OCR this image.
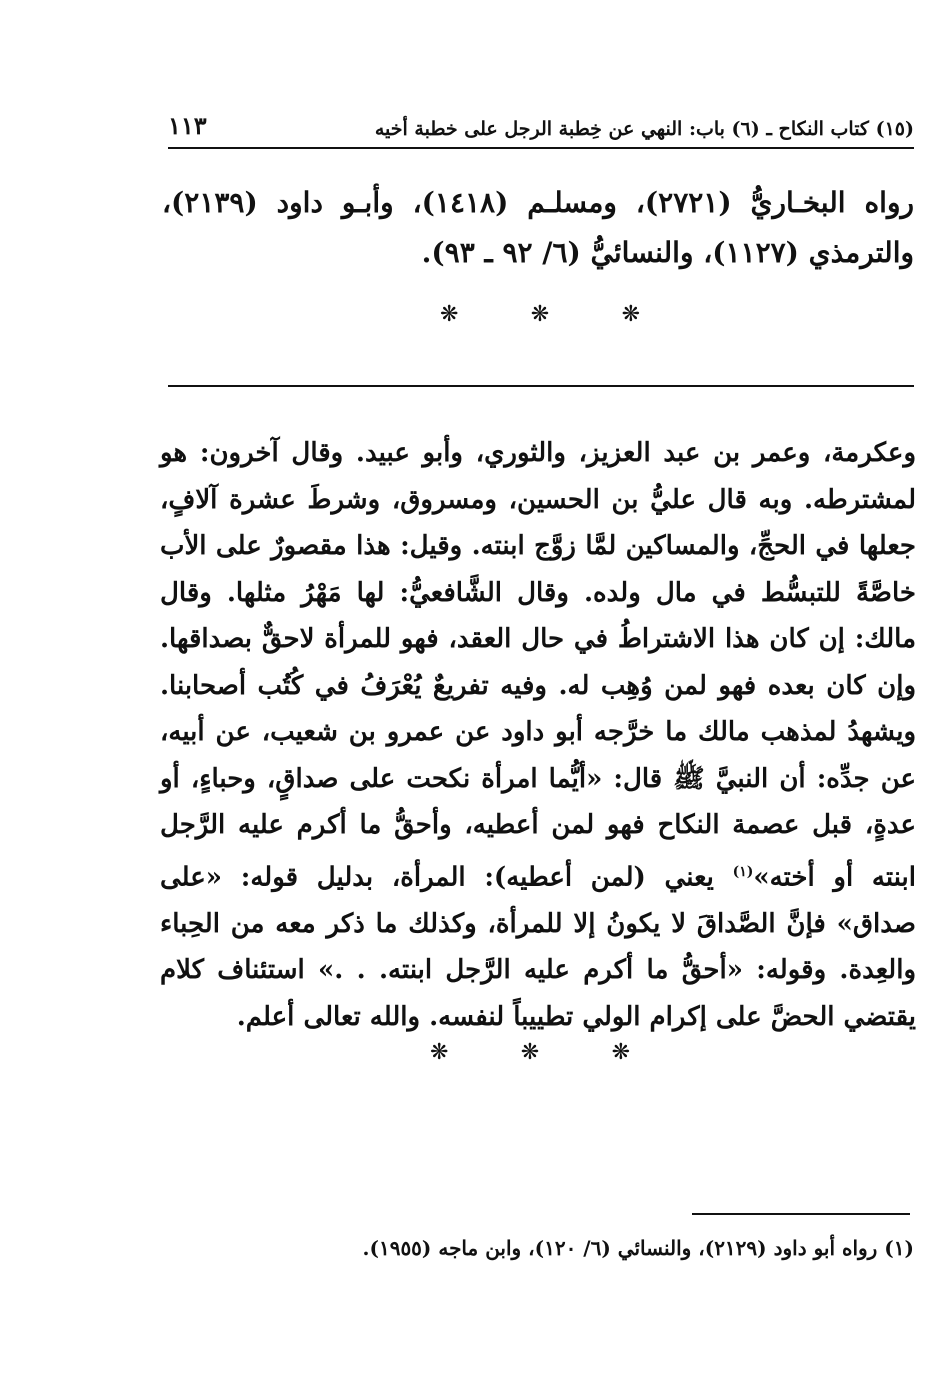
(١٥) كتاب النكاح ـ (٦) باب: النهي عن خِطبة الرجل على خطبة أخيه
١١٣
رواه البخـاريُّ (٢٧٢١)، ومسلـم (١٤١٨)، وأبـو داود (٢١٣٩)، والترمذي (١١٢٧)، والنسائيُّ (٦/ ٩٢ ـ ٩٣).
❋	❋	❋
وعكرمة، وعمر بن عبد العزيز، والثوري، وأبو عبيد. وقال آخرون: هو لمشترطه. وبه قال عليُّ بن الحسين، ومسروق، وشرطَ عشرة آلافٍ، جعلها في الحجِّ، والمساكين لمَّا زوَّج ابنته. وقيل: هذا مقصورٌ على الأب خاصَّةً للتبسُّط في مال ولده. وقال الشَّافعيُّ: لها مَهْرُ مثلها. وقال مالك: إن كان هذا الاشتراطُ في حال العقد، فهو للمرأة لاحقٌّ بصداقها. وإن كان بعده فهو لمن وُهِب له. وفيه تفريعٌ يُعْرَفُ في كُتُب أصحابنا. ويشهدُ لمذهب مالك ما خرَّجه أبو داود عن عمرو بن شعيب، عن أبيه، عن جدِّه: أن النبيَّ ﷺ قال: «أيُّما امرأة نكحت على صداقٍ، وحباءٍ، أو عدةٍ، قبل عصمة النكاح فهو لمن أعطيه، وأحقُّ ما أكرم عليه الرَّجل ابنته أو أخته»$^{(١)}$ يعني (لمن أعطيه): المرأة، بدليل قوله: «على صداق» فإنَّ الصَّداقَ لا يكونُ إلا للمرأة، وكذلك ما ذكر معه من الحِباء والعِدة. وقوله: «أحقُّ ما أكرم عليه الرَّجل ابنته. . .» استئناف كلام يقتضي الحضَّ على إكرام الولي تطييباً لنفسه. والله تعالى أعلم.
❋	❋	❋
(١) رواه أبو داود (٢١٢٩)، والنسائي (٦/ ١٢٠)، وابن ماجه (١٩٥٥).
